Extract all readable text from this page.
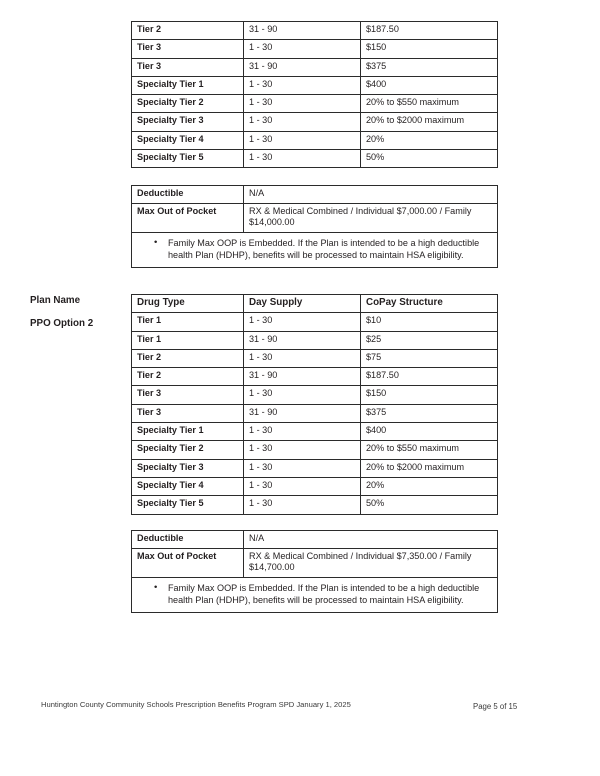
Tier 2	31 - 90	$187.50
Tier 3	1 - 30	$150
Tier 3	31 - 90	$375
Specialty Tier 1	1 - 30	$400
Specialty Tier 2	1 - 30	20% to $550 maximum
Specialty Tier 3	1 - 30	20% to $2000 maximum
Specialty Tier 4	1 - 30	20%
Specialty Tier 5	1 - 30	50%
Deductible	N/A
Max Out of Pocket	RX & Medical Combined / Individual $7,000.00 / Family $14,000.00

• Family Max OOP is Embedded. If the Plan is intended to be a high deductible health Plan (HDHP), benefits will be processed to maintain HSA eligibility.	
Plan Name
PPO Option 2
Drug Type	Day Supply	CoPay Structure
Tier 1	1 - 30	$10
Tier 1	31 - 90	$25
Tier 2	1 - 30	$75
Tier 2	31 - 90	$187.50
Tier 3	1 - 30	$150
Tier 3	31 - 90	$375
Specialty Tier 1	1 - 30	$400
Specialty Tier 2	1 - 30	20% to $550 maximum
Specialty Tier 3	1 - 30	20% to $2000 maximum
Specialty Tier 4	1 - 30	20%
Specialty Tier 5	1 - 30	50%
Deductible	N/A
Max Out of Pocket	RX & Medical Combined / Individual $7,350.00 / Family $14,700.00

• Family Max OOP is Embedded. If the Plan is intended to be a high deductible health Plan (HDHP), benefits will be processed to maintain HSA eligibility.	
Huntington County Community Schools Prescription Benefits Program SPD January 1, 2025	Page 5 of 15
